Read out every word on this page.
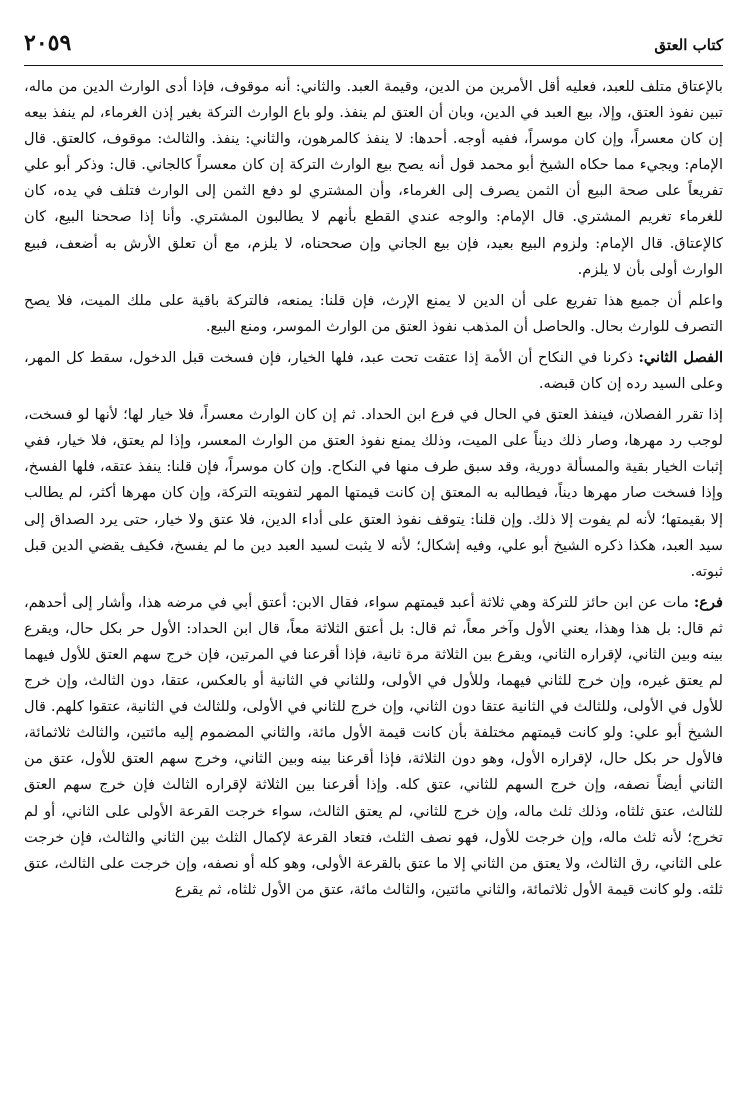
كتاب العتق
٢٠٥٩

بالإعتاق متلف للعبد، فعليه أقل الأمرين من الدين، وقيمة العبد. والثاني: أنه موقوف، فإذا أدى الوارث الدين من ماله، تبين نفوذ العتق، وإلا، بيع العبد في الدين، وبان أن العتق لم ينفذ. ولو باع الوارث التركة بغير إذن الغرماء، لم ينفذ بيعه إن كان معسراً، وإن كان موسراً، ففيه أوجه. أحدها: لا ينفذ كالمرهون، والثاني: ينفذ. والثالث: موقوف، كالعتق. قال الإمام: ويجيء مما حكاه الشيخ أبو محمد قول أنه يصح بيع الوارث التركة إن كان معسراً كالجاني. قال: وذكر أبو علي تفريعاً على صحة البيع أن الثمن يصرف إلى الغرماء، وأن المشتري لو دفع الثمن إلى الوارث فتلف في يده، كان للغرماء تغريم المشتري. قال الإمام: والوجه عندي القطع بأنهم لا يطالبون المشتري. وأنا إذا صححنا البيع، كان كالإعتاق. قال الإمام: ولزوم البيع بعيد، فإن بيع الجاني وإن صححناه، لا يلزم، مع أن تعلق الأرش به أضعف، فبيع الوارث أولى بأن لا يلزم.

واعلم أن جميع هذا تفريع على أن الدين لا يمنع الإرث، فإن قلنا: يمنعه، فالتركة باقية على ملك الميت، فلا يصح التصرف للوارث بحال. والحاصل أن المذهب نفوذ العتق من الوارث الموسر، ومنع البيع.

الفصل الثاني: ذكرنا في النكاح أن الأمة إذا عتقت تحت عبد، فلها الخيار، فإن فسخت قبل الدخول، سقط كل المهر، وعلى السيد رده إن كان قبضه.

إذا تقرر الفصلان، فينفذ العتق في الحال في فرع ابن الحداد. ثم إن كان الوارث معسراً، فلا خيار لها؛ لأنها لو فسخت، لوجب رد مهرها، وصار ذلك ديناً على الميت، وذلك يمنع نفوذ العتق من الوارث المعسر، وإذا لم يعتق، فلا خيار، ففي إثبات الخيار بقية والمسألة دورية، وقد سبق طرف منها في النكاح. وإن كان موسراً، فإن قلنا: ينفذ عتقه، فلها الفسخ، وإذا فسخت صار مهرها ديناً، فيطالبه به المعتق إن كانت قيمتها المهر لتفويته التركة، وإن كان مهرها أكثر، لم يطالب إلا بقيمتها؛ لأنه لم يفوت إلا ذلك. وإن قلنا: يتوقف نفوذ العتق على أداء الدين، فلا عتق ولا خيار، حتى يرد الصداق إلى سيد العبد، هكذا ذكره الشيخ أبو علي، وفيه إشكال؛ لأنه لا يثبت لسيد العبد دين ما لم يفسخ، فكيف يقضي الدين قبل ثبوته.

فرع: مات عن ابن حائز للتركة وهي ثلاثة أعبد قيمتهم سواء، فقال الابن: أعتق أبي في مرضه هذا، وأشار إلى أحدهم، ثم قال: بل هذا وهذا، يعني الأول وآخر معاً، ثم قال: بل أعتق الثلاثة معاً، قال ابن الحداد: الأول حر بكل حال، ويقرع بينه وبين الثاني، لإقراره الثاني، ويقرع بين الثلاثة مرة ثانية، فإذا أقرعنا في المرتين، فإن خرج سهم العتق للأول فيهما لم يعتق غيره، وإن خرج للثاني فيهما، وللأول في الأولى، وللثاني في الثانية أو بالعكس، عتقا، دون الثالث، وإن خرج للأول في الأولى، وللثالث في الثانية عتقا دون الثاني، وإن خرج للثاني في الأولى، وللثالث في الثانية، عتقوا كلهم. قال الشيخ أبو علي: ولو كانت قيمتهم مختلفة بأن كانت قيمة الأول مائة، والثاني المضموم إليه مائتين، والثالث ثلاثمائة، فالأول حر بكل حال، لإقراره الأول، وهو دون الثلاثة، فإذا أقرعنا بينه وبين الثاني، وخرج سهم العتق للأول، عتق من الثاني أيضاً نصفه، وإن خرج السهم للثاني، عتق كله. وإذا أقرعنا بين الثلاثة لإقراره الثالث فإن خرج سهم العتق للثالث، عتق ثلثاه، وذلك ثلث ماله، وإن خرج للثاني، لم يعتق الثالث، سواء خرجت القرعة الأولى على الثاني، أو لم تخرج؛ لأنه ثلث ماله، وإن خرجت للأول، فهو نصف الثلث، فتعاد القرعة لإكمال الثلث بين الثاني والثالث، فإن خرجت على الثاني، رق الثالث، ولا يعتق من الثاني إلا ما عتق بالقرعة الأولى، وهو كله أو نصفه، وإن خرجت على الثالث، عتق ثلثه. ولو كانت قيمة الأول ثلاثمائة، والثاني مائتين، والثالث مائة، عتق من الأول ثلثاه، ثم يقرع
